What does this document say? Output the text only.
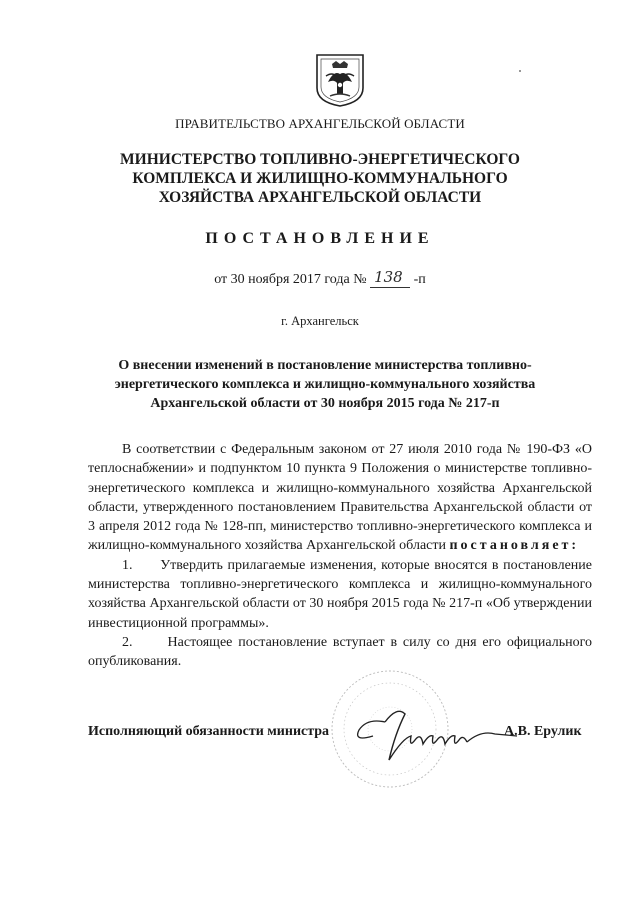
ПРАВИТЕЛЬСТВО АРХАНГЕЛЬСКОЙ ОБЛАСТИ
МИНИСТЕРСТВО ТОПЛИВНО-ЭНЕРГЕТИЧЕСКОГО
КОМПЛЕКСА И ЖИЛИЩНО-КОММУНАЛЬНОГО
ХОЗЯЙСТВА АРХАНГЕЛЬСКОЙ ОБЛАСТИ
ПОСТАНОВЛЕНИЕ
от 30 ноября 2017 года № 138 -п
г. Архангельск
О внесении изменений в постановление министерства топливно-
энергетического комплекса и жилищно-коммунального хозяйства
Архангельской области от 30 ноября 2015 года № 217-п

В соответствии с Федеральным законом от 27 июля 2010 года № 190-ФЗ «О теплоснабжении» и подпунктом 10 пункта 9 Положения о министерстве топливно-энергетического комплекса и жилищно-коммунального хозяйства Архангельской области, утвержденного постановлением Правительства Архангельской области от 3 апреля 2012 года № 128-пп, министерство топливно-энергетического комплекса и жилищно-коммунального хозяйства Архангельской области постановляет:

1.      Утвердить прилагаемые изменения, которые вносятся в постановление министерства топливно-энергетического комплекса и жилищно-коммунального хозяйства Архангельской области от 30 ноября 2015 года № 217-п «Об утверждении инвестиционной программы».

2.      Настоящее постановление вступает в силу со дня его официального опубликования.

Исполняющий обязанности министра	А.В. Ерулик
